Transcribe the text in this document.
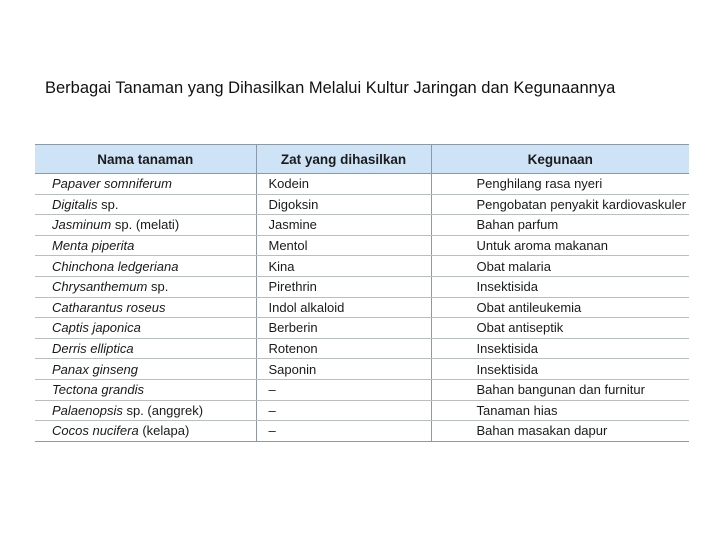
Berbagai Tanaman yang Dihasilkan Melalui Kultur Jaringan dan Kegunaannya
Nama tanaman	Zat yang dihasilkan	Kegunaan
Papaver somniferum	Kodein	Penghilang rasa nyeri
Digitalis sp.	Digoksin	Pengobatan penyakit kardiovaskuler
Jasminum sp. (melati)	Jasmine	Bahan parfum
Menta piperita	Mentol	Untuk aroma makanan
Chinchona ledgeriana	Kina	Obat malaria
Chrysanthemum sp.	Pirethrin	Insektisida
Catharantus roseus	Indol alkaloid	Obat antileukemia
Captis japonica	Berberin	Obat antiseptik
Derris elliptica	Rotenon	Insektisida
Panax ginseng	Saponin	Insektisida
Tectona grandis	–	Bahan bangunan dan furnitur
Palaenopsis sp. (anggrek)	–	Tanaman hias
Cocos nucifera (kelapa)	–	Bahan masakan dapur
